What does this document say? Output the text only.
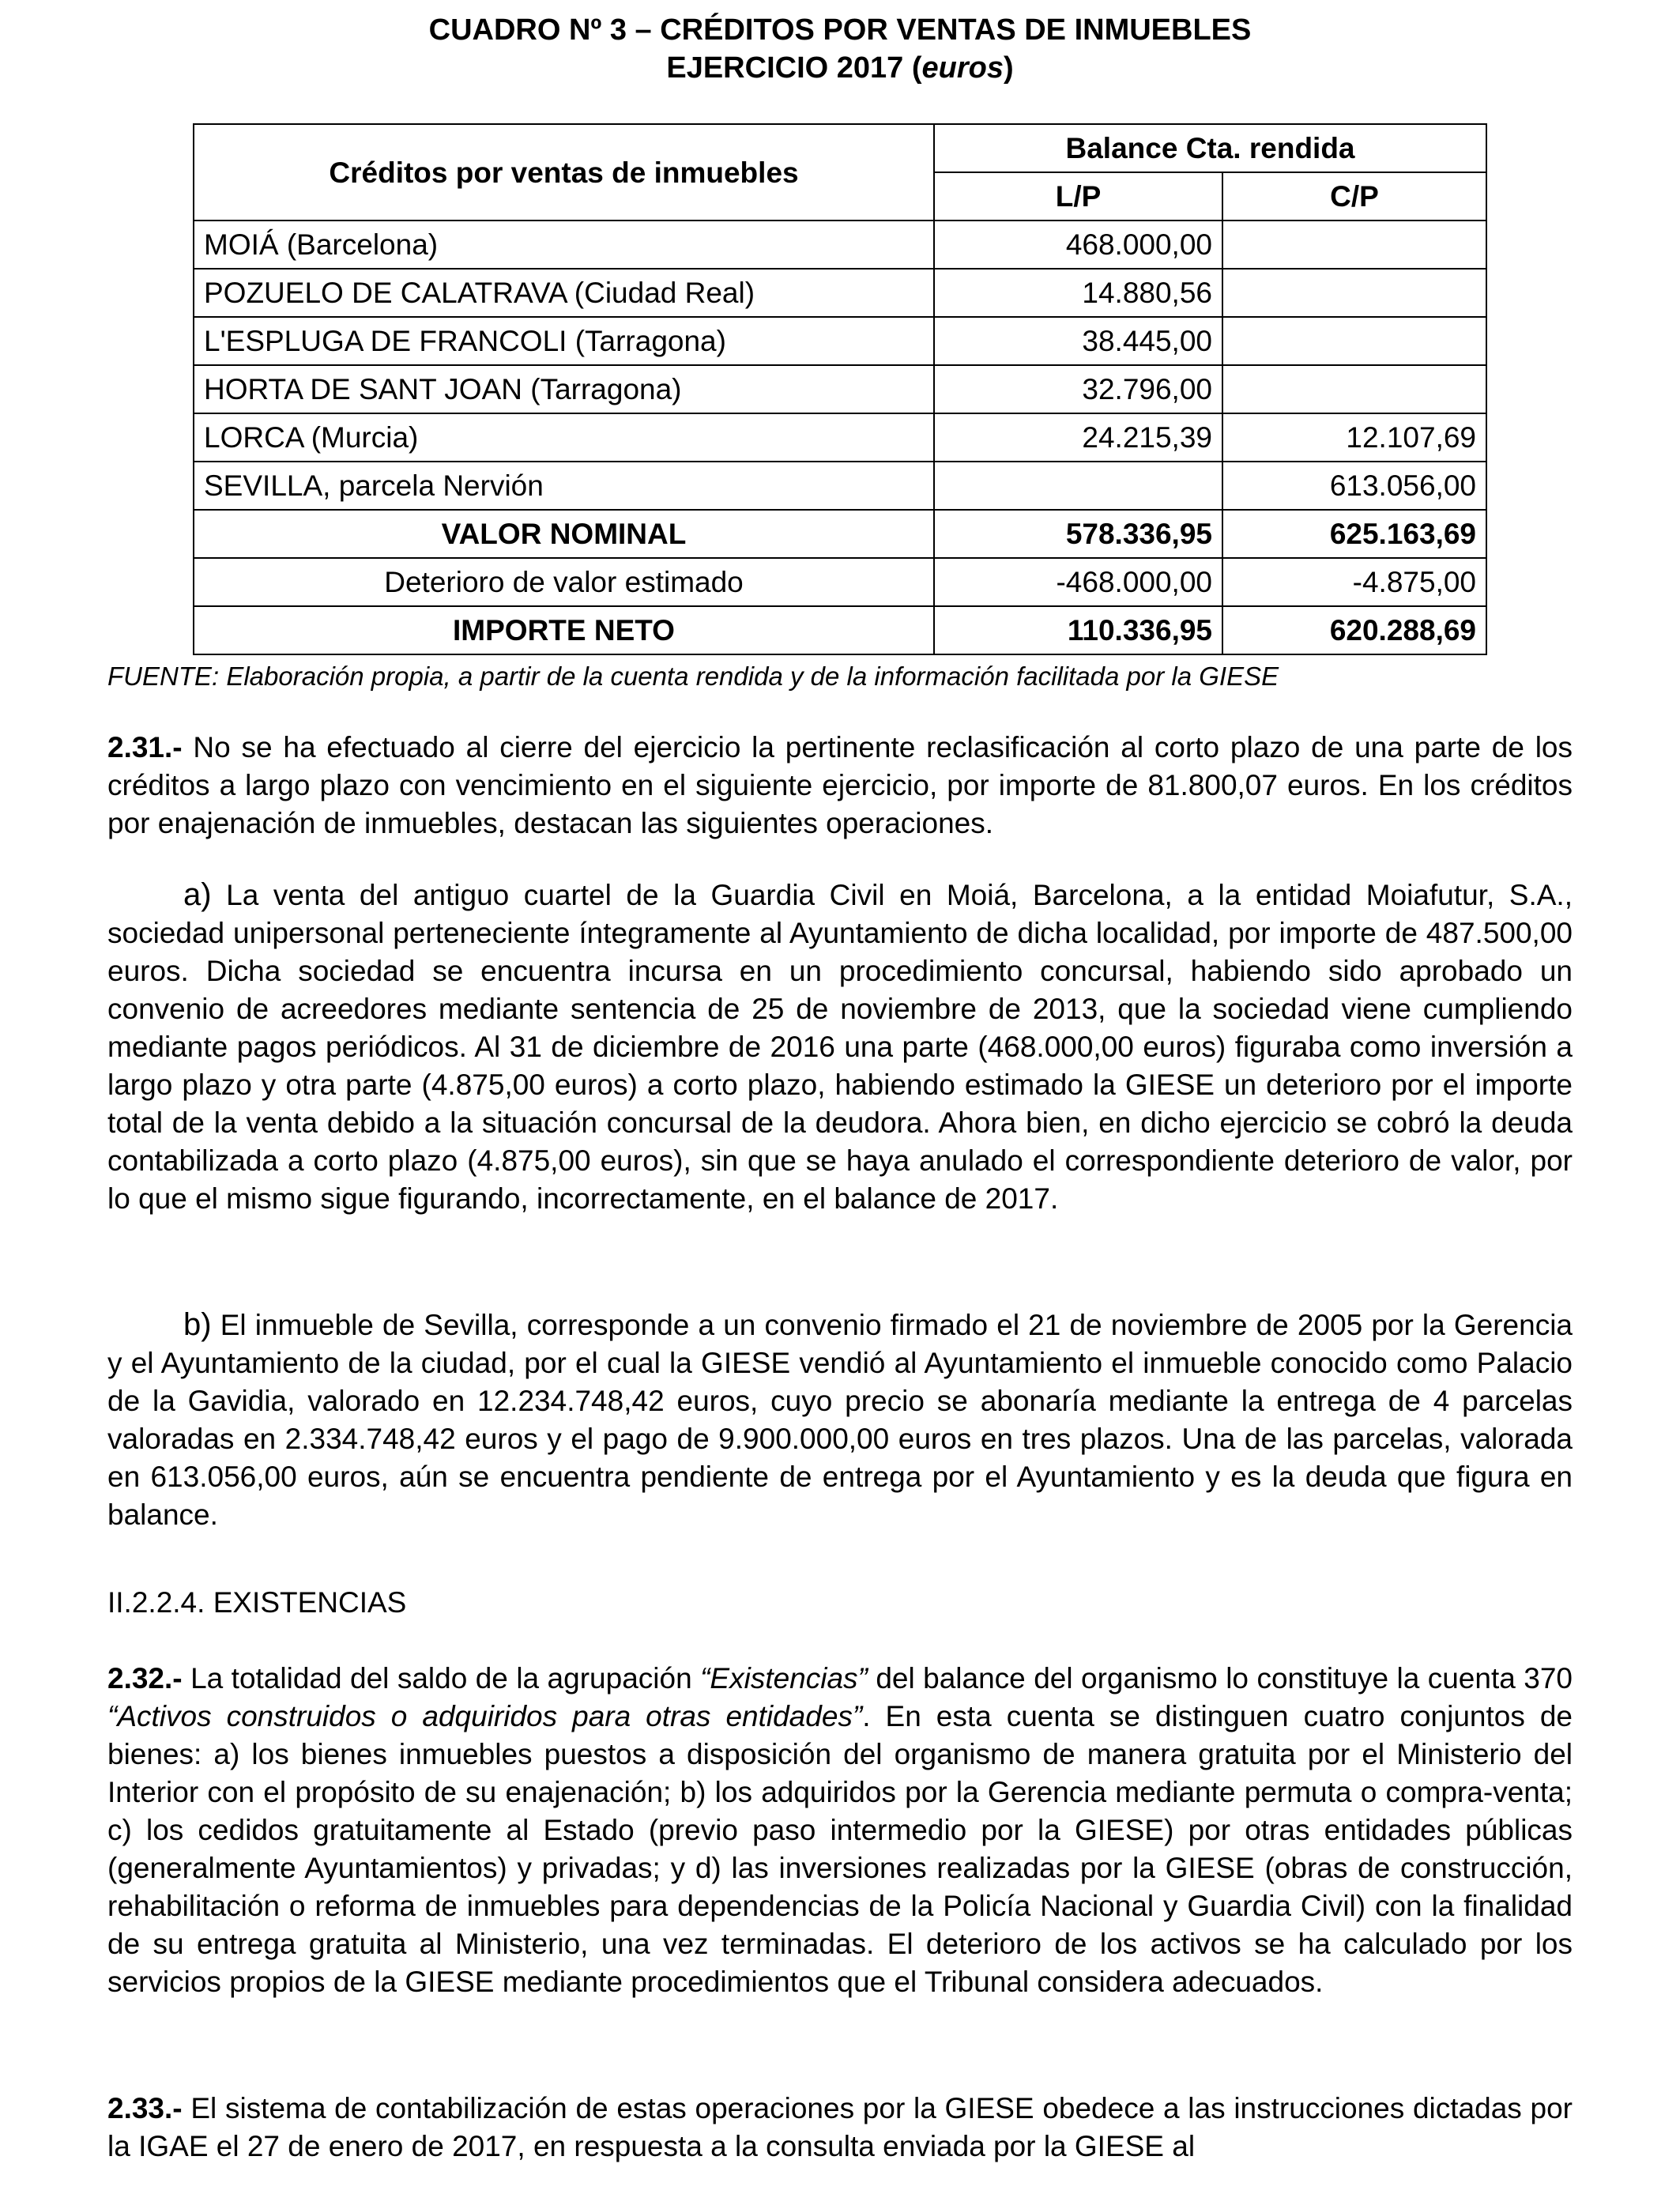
CUADRO Nº 3 – CRÉDITOS POR VENTAS DE INMUEBLES
EJERCICIO 2017 (euros)
Créditos por ventas de inmuebles	Balance Cta. rendida	
	L/P	C/P
MOIÁ (Barcelona)	468.000,00	
POZUELO DE CALATRAVA (Ciudad Real)	14.880,56	
L'ESPLUGA DE FRANCOLI (Tarragona)	38.445,00	
HORTA DE SANT JOAN (Tarragona)	32.796,00	
LORCA (Murcia)	24.215,39	12.107,69
SEVILLA, parcela Nervión		613.056,00
VALOR NOMINAL	578.336,95	625.163,69
Deterioro de valor estimado	-468.000,00	-4.875,00
IMPORTE NETO	110.336,95	620.288,69
FUENTE: Elaboración propia, a partir de la cuenta rendida y de la información facilitada por la GIESE
2.31.- No se ha efectuado al cierre del ejercicio la pertinente reclasificación al corto plazo de una parte de los créditos a largo plazo con vencimiento en el siguiente ejercicio, por importe de 81.800,07 euros. En los créditos por enajenación de inmuebles, destacan las siguientes operaciones.
a) La venta del antiguo cuartel de la Guardia Civil en Moiá, Barcelona, a la entidad Moiafutur, S.A., sociedad unipersonal perteneciente íntegramente al Ayuntamiento de dicha localidad, por importe de 487.500,00 euros. Dicha sociedad se encuentra incursa en un procedimiento concursal, habiendo sido aprobado un convenio de acreedores mediante sentencia de 25 de noviembre de 2013, que la sociedad viene cumpliendo mediante pagos periódicos. Al 31 de diciembre de 2016 una parte (468.000,00 euros) figuraba como inversión a largo plazo y otra parte (4.875,00 euros) a corto plazo, habiendo estimado la GIESE un deterioro por el importe total de la venta debido a la situación concursal de la deudora. Ahora bien, en dicho ejercicio se cobró la deuda contabilizada a corto plazo (4.875,00 euros), sin que se haya anulado el correspondiente deterioro de valor, por lo que el mismo sigue figurando, incorrectamente, en el balance de 2017.
b) El inmueble de Sevilla, corresponde a un convenio firmado el 21 de noviembre de 2005 por la Gerencia y el Ayuntamiento de la ciudad, por el cual la GIESE vendió al Ayuntamiento el inmueble conocido como Palacio de la Gavidia, valorado en 12.234.748,42 euros, cuyo precio se abonaría mediante la entrega de 4 parcelas valoradas en 2.334.748,42 euros y el pago de 9.900.000,00 euros en tres plazos. Una de las parcelas, valorada en 613.056,00 euros, aún se encuentra pendiente de entrega por el Ayuntamiento y es la deuda que figura en balance.
II.2.2.4. EXISTENCIAS
2.32.- La totalidad del saldo de la agrupación “Existencias” del balance del organismo lo constituye la cuenta 370 “Activos construidos o adquiridos para otras entidades”. En esta cuenta se distinguen cuatro conjuntos de bienes: a) los bienes inmuebles puestos a disposición del organismo de manera gratuita por el Ministerio del Interior con el propósito de su enajenación; b) los adquiridos por la Gerencia mediante permuta o compra-venta; c) los cedidos gratuitamente al Estado (previo paso intermedio por la GIESE) por otras entidades públicas (generalmente Ayuntamientos) y privadas; y d) las inversiones realizadas por la GIESE (obras de construcción, rehabilitación o reforma de inmuebles para dependencias de la Policía Nacional y Guardia Civil) con la finalidad de su entrega gratuita al Ministerio, una vez terminadas. El deterioro de los activos se ha calculado por los servicios propios de la GIESE mediante procedimientos que el Tribunal considera adecuados.
2.33.- El sistema de contabilización de estas operaciones por la GIESE obedece a las instrucciones dictadas por la IGAE el 27 de enero de 2017, en respuesta a la consulta enviada por la GIESE al
